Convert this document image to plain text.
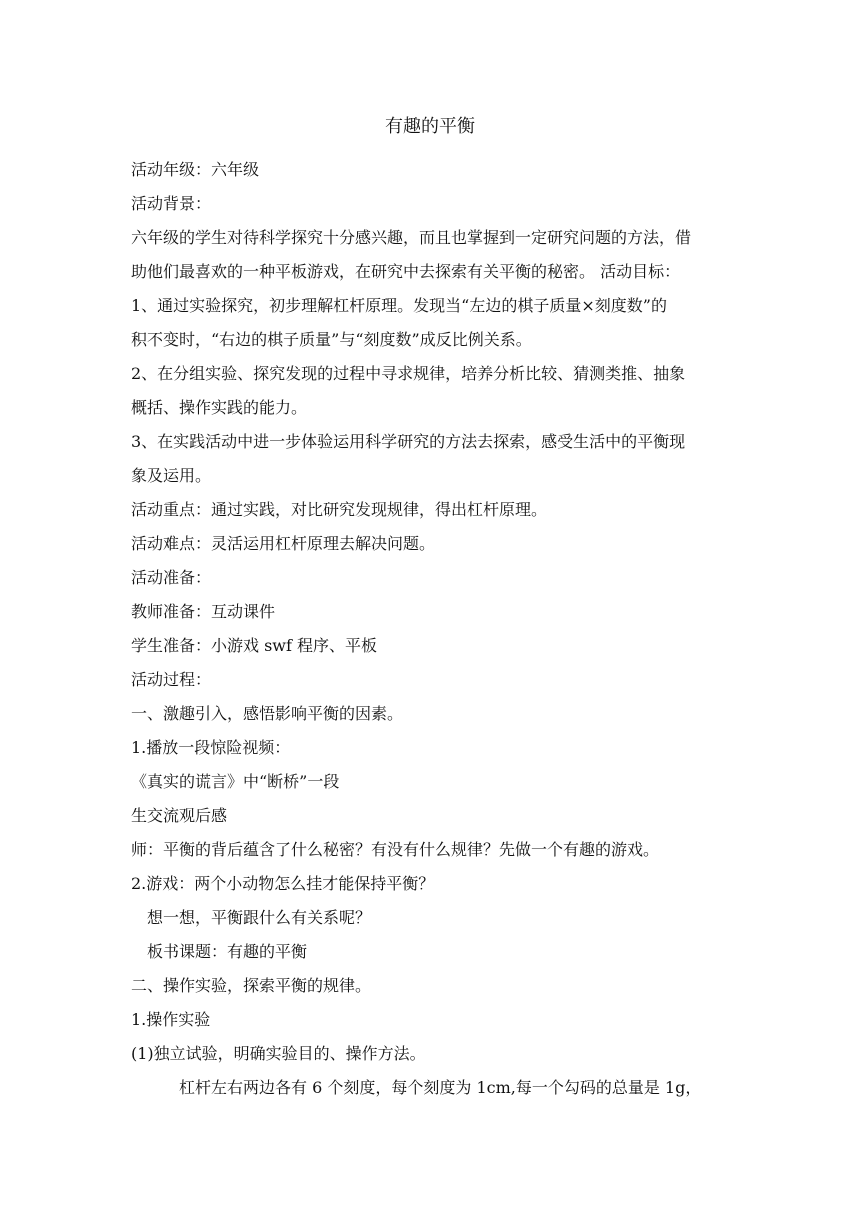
有趣的平衡
活动年级：六年级
活动背景：
六年级的学生对待科学探究十分感兴趣，而且也掌握到一定研究问题的方法，借
助他们最喜欢的一种平板游戏，在研究中去探索有关平衡的秘密。 活动目标：
1、通过实验探究，初步理解杠杆原理。发现当“左边的棋子质量×刻度数”的
积不变时，“右边的棋子质量”与“刻度数”成反比例关系。
2、在分组实验、探究发现的过程中寻求规律，培养分析比较、猜测类推、抽象
概括、操作实践的能力。
3、在实践活动中进一步体验运用科学研究的方法去探索，感受生活中的平衡现
象及运用。
活动重点：通过实践，对比研究发现规律，得出杠杆原理。
活动难点：灵活运用杠杆原理去解决问题。
活动准备：
教师准备：互动课件
学生准备：小游戏 swf 程序、平板
活动过程：
一、激趣引入，感悟影响平衡的因素。
1.播放一段惊险视频：
《真实的谎言》中“断桥”一段
生交流观后感
师：平衡的背后蕴含了什么秘密？有没有什么规律？先做一个有趣的游戏。
2.游戏：两个小动物怎么挂才能保持平衡？
想一想，平衡跟什么有关系呢？
板书课题：有趣的平衡
二、操作实验，探索平衡的规律。
1.操作实验
(1)独立试验，明确实验目的、操作方法。
杠杆左右两边各有 6 个刻度，每个刻度为 1cm,每一个勾码的总量是 1g，
